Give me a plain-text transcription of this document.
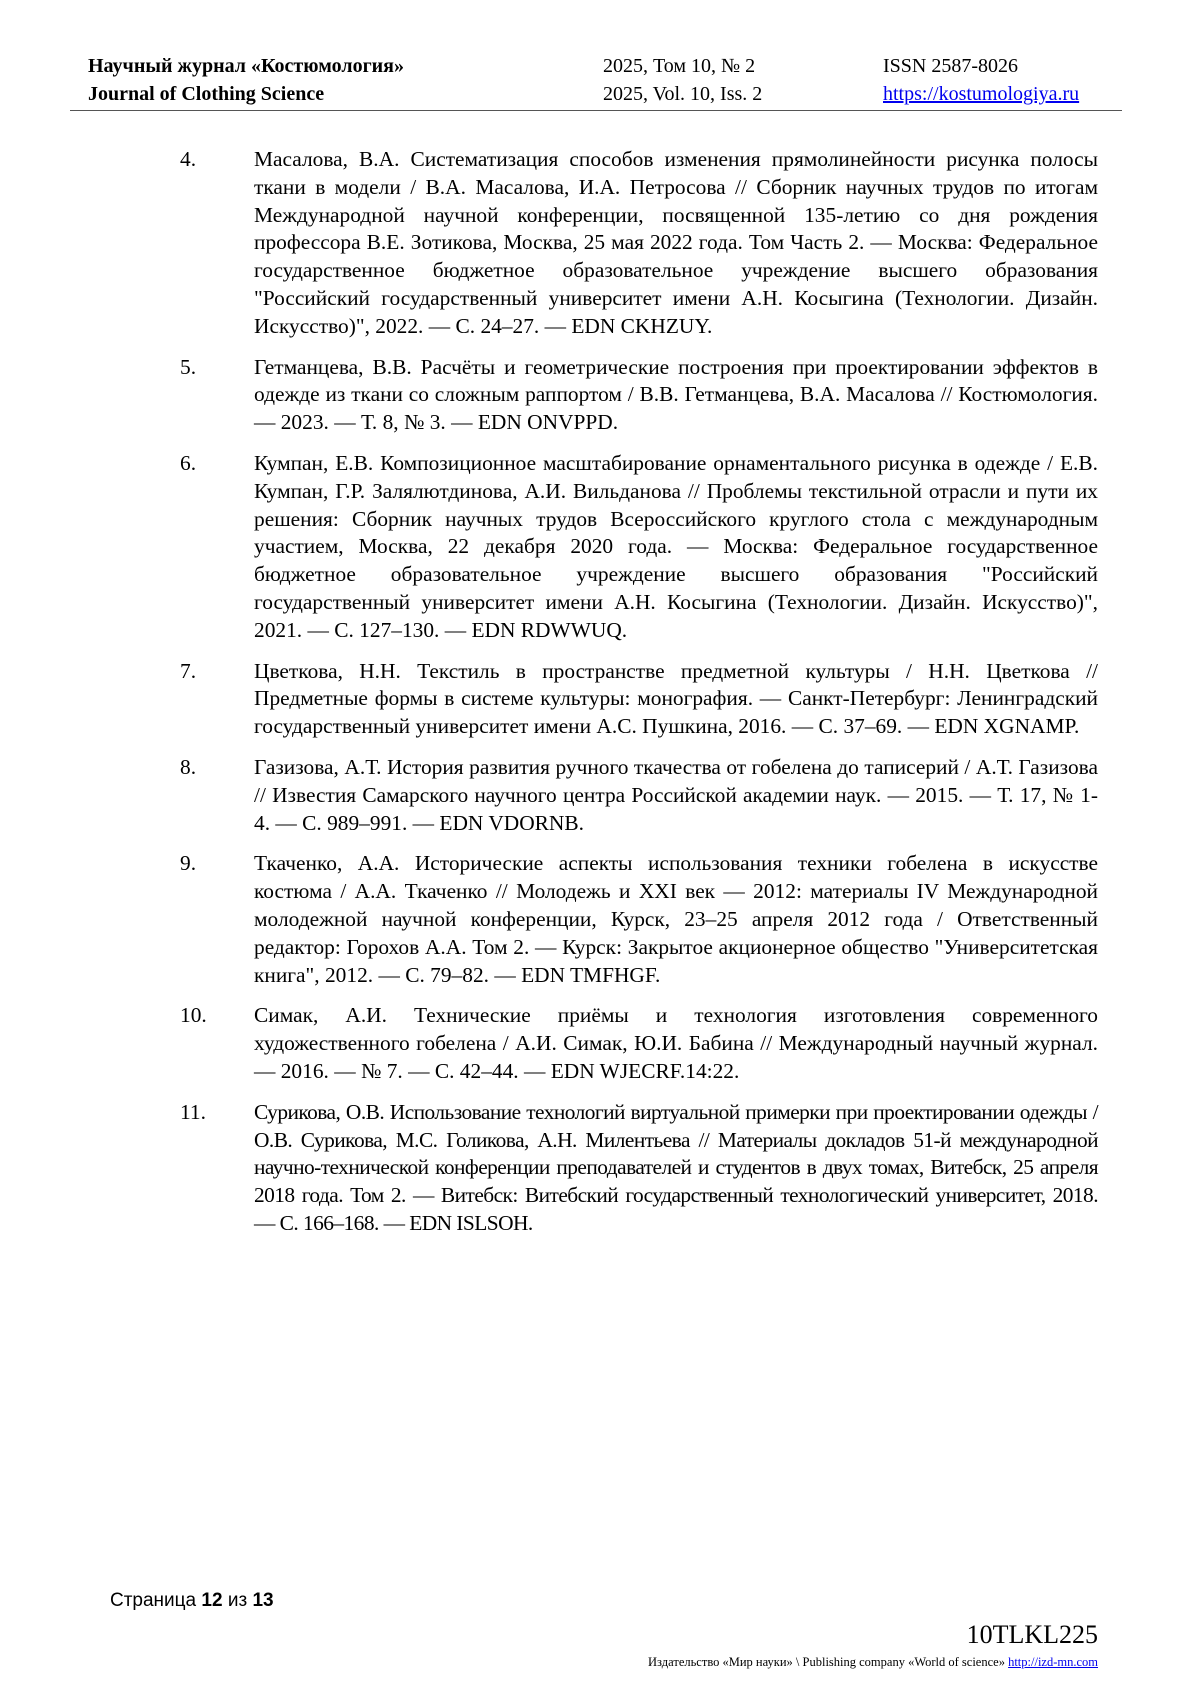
Научный журнал «Костюмология»
Journal of Clothing Science
2025, Том 10, № 2
2025, Vol. 10, Iss. 2
ISSN 2587-8026
https://kostumologiya.ru
4.	Масалова, В.А. Систематизация способов изменения прямолинейности рисунка полосы ткани в модели / В.А. Масалова, И.А. Петросова // Сборник научных трудов по итогам Международной научной конференции, посвященной 135-летию со дня рождения профессора В.Е. Зотикова, Москва, 25 мая 2022 года. Том Часть 2. — Москва: Федеральное государственное бюджетное образовательное учреждение высшего образования "Российский государственный университет имени А.Н. Косыгина (Технологии. Дизайн. Искусство)", 2022. — С. 24–27. — EDN CKHZUY.
5.	Гетманцева, В.В. Расчёты и геометрические построения при проектировании эффектов в одежде из ткани со сложным раппортом / В.В. Гетманцева, В.А. Масалова // Костюмология. — 2023. — Т. 8, № 3. — EDN ONVPPD.
6.	Кумпан, Е.В. Композиционное масштабирование орнаментального рисунка в одежде / Е.В. Кумпан, Г.Р. Залялютдинова, А.И. Вильданова // Проблемы текстильной отрасли и пути их решения: Сборник научных трудов Всероссийского круглого стола с международным участием, Москва, 22 декабря 2020 года. — Москва: Федеральное государственное бюджетное образовательное учреждение высшего образования "Российский государственный университет имени А.Н. Косыгина (Технологии. Дизайн. Искусство)", 2021. — С. 127–130. — EDN RDWWUQ.
7.	Цветкова, Н.Н. Текстиль в пространстве предметной культуры / Н.Н. Цветкова // Предметные формы в системе культуры: монография. — Санкт-Петербург: Ленинградский государственный университет имени А.С. Пушкина, 2016. — С. 37–69. — EDN XGNAMP.
8.	Газизова, А.Т. История развития ручного ткачества от гобелена до таписерий / А.Т. Газизова // Известия Самарского научного центра Российской академии наук. — 2015. — Т. 17, № 1-4. — С. 989–991. — EDN VDORNB.
9.	Ткаченко, А.А. Исторические аспекты использования техники гобелена в искусстве костюма / А.А. Ткаченко // Молодежь и XXI век — 2012: материалы IV Международной молодежной научной конференции, Курск, 23–25 апреля 2012 года / Ответственный редактор: Горохов А.А. Том 2. — Курск: Закрытое акционерное общество "Университетская книга", 2012. — С. 79–82. — EDN TMFHGF.
10. Симак, А.И. Технические приёмы и технология изготовления современного художественного гобелена / А.И. Симак, Ю.И. Бабина // Международный научный журнал. — 2016. — № 7. — С. 42–44. — EDN WJECRF.14:22.
11. Сурикова, О.В. Использование технологий виртуальной примерки при проектировании одежды / О.В. Сурикова, М.С. Голикова, А.Н. Милентьева // Материалы докладов 51-й международной научно-технической конференции преподавателей и студентов в двух томах, Витебск, 25 апреля 2018 года. Том 2. — Витебск: Витебский государственный технологический университет, 2018. — С. 166–168. — EDN ISLSOH.
Страница 12 из 13
10TLKL225
Издательство «Мир науки» \ Publishing company «World of science» http://izd-mn.com
